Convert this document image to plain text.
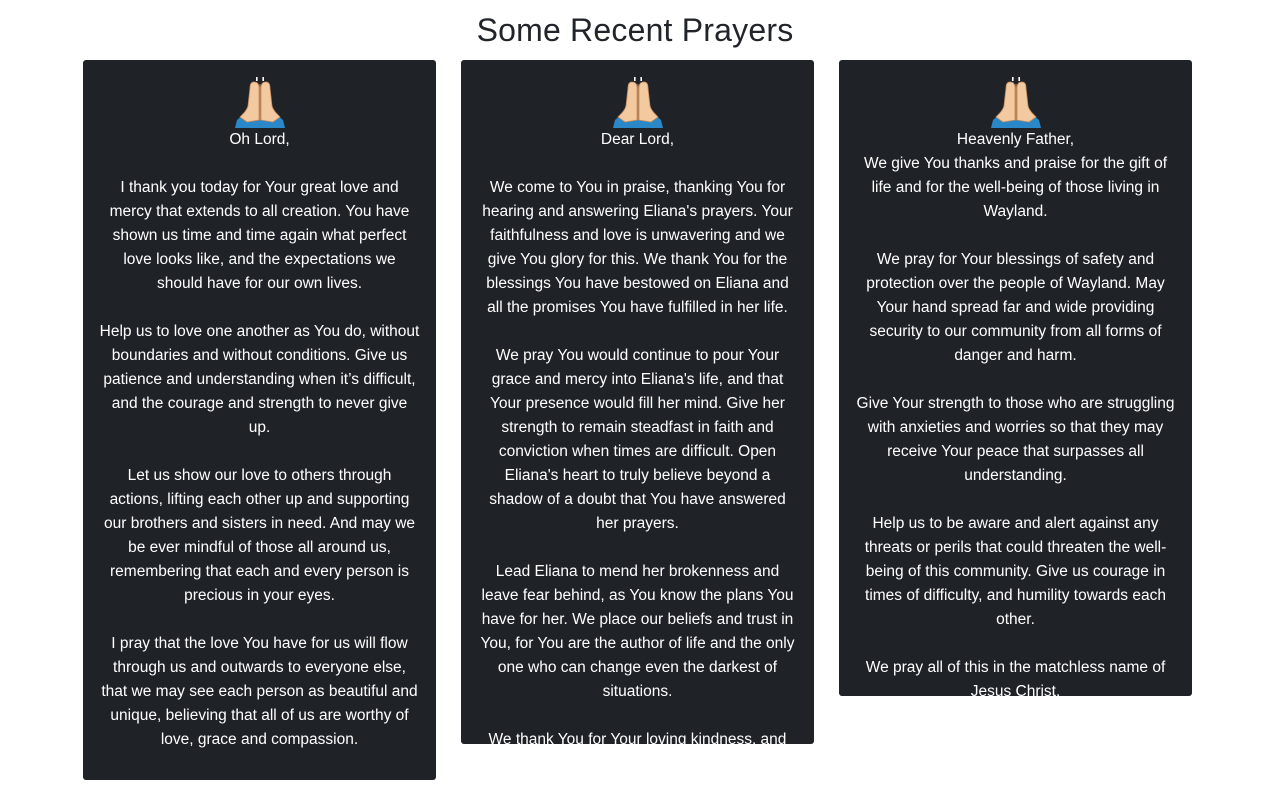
Some Recent Prayers

Oh Lord,

I thank you today for Your great love and mercy that extends to all creation. You have shown us time and time again what perfect love looks like, and the expectations we should have for our own lives.

Help us to love one another as You do, without boundaries and without conditions. Give us patience and understanding when it’s difficult, and the courage and strength to never give up.

Let us show our love to others through actions, lifting each other up and supporting our brothers and sisters in need. And may we be ever mindful of those all around us, remembering that each and every person is precious in your eyes.

I pray that the love You have for us will flow through us and outwards to everyone else, that we may see each person as beautiful and unique, believing that all of us are worthy of love, grace and compassion.

Amen.

Dear Lord,

We come to You in praise, thanking You for hearing and answering Eliana's prayers. Your faithfulness and love is unwavering and we give You glory for this. We thank You for the blessings You have bestowed on Eliana and all the promises You have fulfilled in her life.

We pray You would continue to pour Your grace and mercy into Eliana's life, and that Your presence would fill her mind. Give her strength to remain steadfast in faith and conviction when times are difficult. Open Eliana's heart to truly believe beyond a shadow of a doubt that You have answered her prayers.

Lead Eliana to mend her brokenness and leave fear behind, as You know the plans You have for her. We place our beliefs and trust in You, for You are the author of life and the only one who can change even the darkest of situations.

We thank You for Your loving kindness, and pray in Your name. Amen.

Heavenly Father,

We give You thanks and praise for the gift of life and for the well-being of those living in Wayland.

We pray for Your blessings of safety and protection over the people of Wayland. May Your hand spread far and wide providing security to our community from all forms of danger and harm.

Give Your strength to those who are struggling with anxieties and worries so that they may receive Your peace that surpasses all understanding.

Help us to be aware and alert against any threats or perils that could threaten the well-being of this community. Give us courage in times of difficulty, and humility towards each other.

We pray all of this in the matchless name of Jesus Christ.

Amen.
